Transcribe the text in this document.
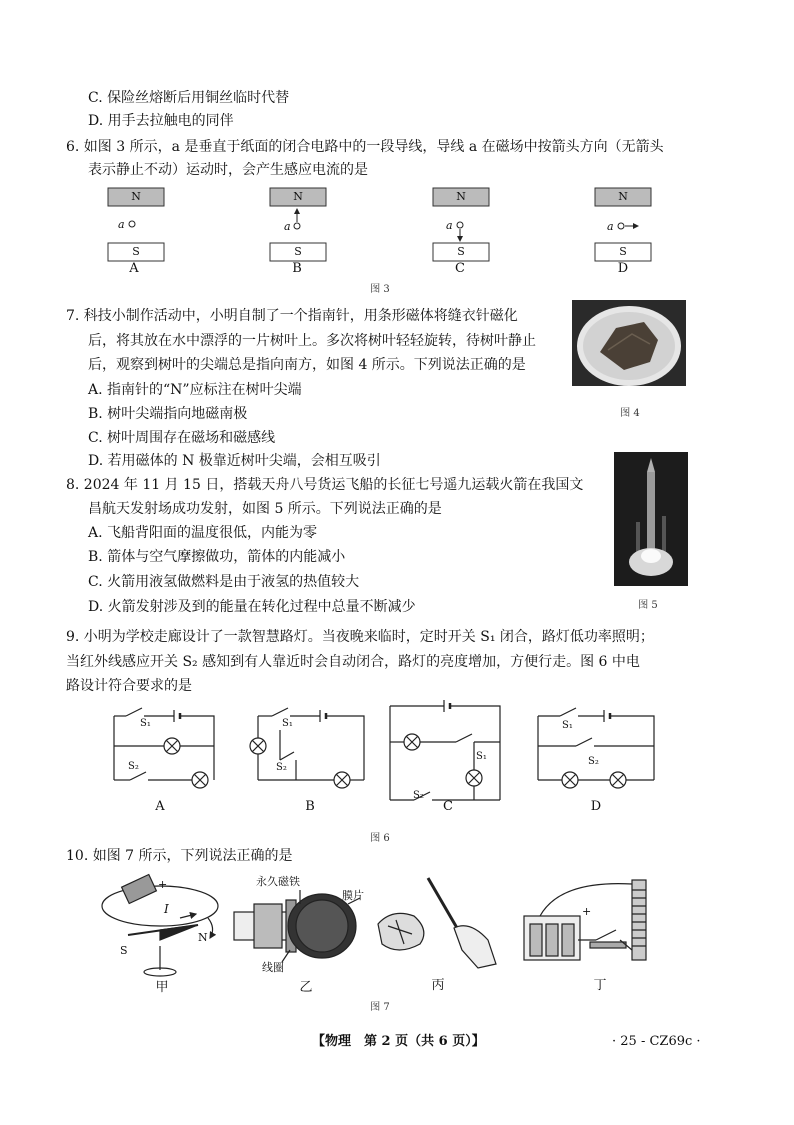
C. 保险丝熔断后用铜丝临时代替
D. 用手去拉触电的同伴
6. 如图 3 所示，a 是垂直于纸面的闭合电路中的一段导线，导线 a 在磁场中按箭头方向（无箭头
表示静止不动）运动时，会产生感应电流的是
N
S
N
S
N
S
N
S
a	a	a	a
A	B	C	D
图 3
7. 科技小制作活动中，小明自制了一个指南针，用条形磁体将缝衣针磁化
后，将其放在水中漂浮的一片树叶上。多次将树叶轻轻旋转，待树叶静止
后，观察到树叶的尖端总是指向南方，如图 4 所示。下列说法正确的是
A. 指南针的“N”应标注在树叶尖端
B. 树叶尖端指向地磁南极
C. 树叶周围存在磁场和磁感线
D. 若用磁体的 N 极靠近树叶尖端，会相互吸引
图 4
8. 2024 年 11 月 15 日，搭载天舟八号货运飞船的长征七号遥九运载火箭在我国文
昌航天发射场成功发射，如图 5 所示。下列说法正确的是
A. 飞船背阳面的温度很低，内能为零
B. 箭体与空气摩擦做功，箭体的内能减小
C. 火箭用液氢做燃料是由于液氢的热值较大
D. 火箭发射涉及到的能量在转化过程中总量不断减少	图 5
9. 小明为学校走廊设计了一款智慧路灯。当夜晚来临时，定时开关 S₁ 闭合，路灯低功率照明；
当红外线感应开关 S₂ 感知到有人靠近时会自动闭合，路灯的亮度增加，方便行走。图 6 中电
路设计符合要求的是
S₁
S₂
S₁
S₂
S₁
S₂
S₁
S₂
A	B	C	D
图 6
10. 如图 7 所示，下列说法正确的是
I
+
S
N
永久磁铁
膜片
线圈
+
甲	乙	丙	丁
图 7
【物理　第 2 页（共 6 页）】	· 25 - CZ69c ·
